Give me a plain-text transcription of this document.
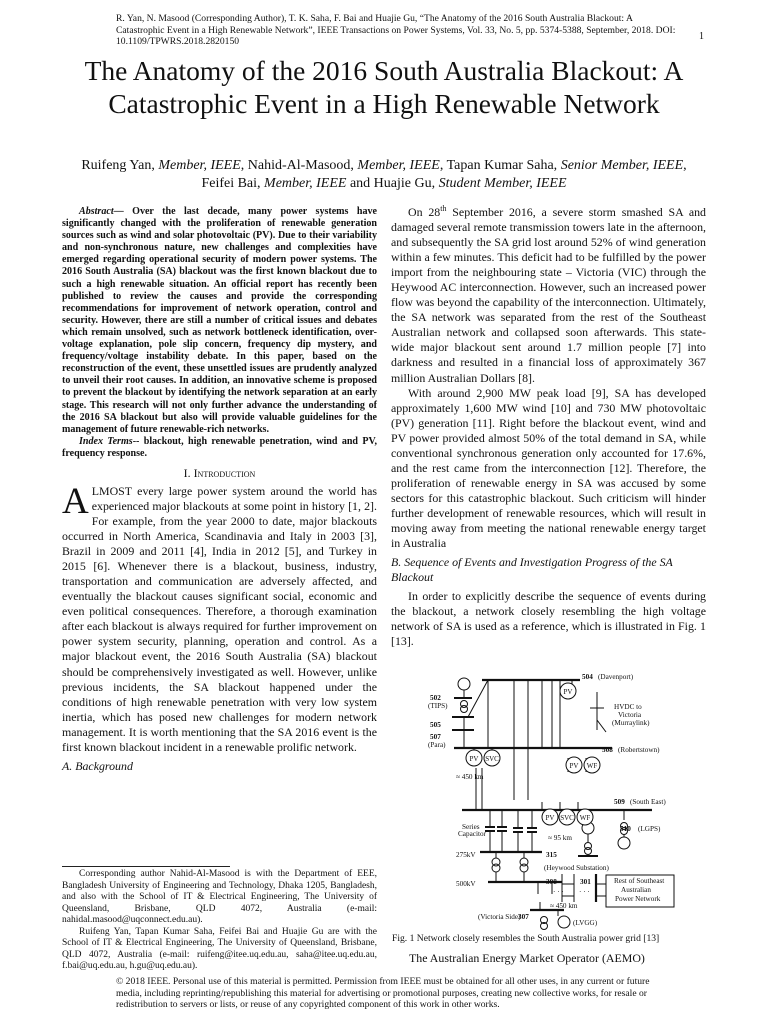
R. Yan, N. Masood (Corresponding Author), T. K. Saha, F. Bai and Huajie Gu, “The Anatomy of the 2016 South Australia Blackout: A Catastrophic Event in a High Renewable Network”, IEEE Transactions on Power Systems, Vol. 33, No. 5, pp. 5374-5388, September, 2018. DOI: 10.1109/TPWRS.2018.2820150	1
The Anatomy of the 2016 South Australia Blackout: A Catastrophic Event in a High Renewable Network

Ruifeng Yan, Member, IEEE, Nahid-Al-Masood, Member, IEEE, Tapan Kumar Saha, Senior Member, IEEE, Feifei Bai, Member, IEEE and Huajie Gu, Student Member, IEEE

Abstract— Over the last decade, many power systems have significantly changed with the proliferation of renewable generation sources such as wind and solar photovoltaic (PV). Due to their variability and non-synchronous nature, new challenges and complexities have emerged regarding operational security of modern power systems. The 2016 South Australia (SA) blackout was the first known blackout due to such a high renewable situation. An official report has recently been published to review the causes and provide the corresponding recommendations for improvement of network operation, control and security. However, there are still a number of critical issues and debates which remain unsolved, such as network bottleneck identification, over-voltage explanation, pole slip concern, frequency dip mystery, and frequency/voltage instability debate. In this paper, based on the reconstruction of the event, these unsettled issues are prudently analyzed to unveil their root causes. In addition, an innovative scheme is proposed to prevent the blackout by identifying the network separation at an early stage. This research will not only further advance the understanding of the 2016 SA blackout but also will provide valuable guidelines for the management of future renewable-rich networks.

Index Terms-- blackout, high renewable penetration, wind and PV, frequency response.

I. Introduction

ALMOST every large power system around the world has experienced major blackouts at some point in history [1, 2]. For example, from the year 2000 to date, major blackouts occurred in North America, Scandinavia and Italy in 2003 [3], Brazil in 2009 and 2011 [4], India in 2012 [5], and Turkey in 2015 [6]. Whenever there is a blackout, business, industry, transportation and communication are adversely affected, and eventually the blackout causes significant social, economic and even political consequences. Therefore, a thorough examination after each blackout is always required for further improvement on power system security, planning, operation and control. As a major blackout event, the 2016 South Australia (SA) blackout should be comprehensively investigated as well. However, unlike previous incidents, the SA blackout happened under the conditions of high renewable penetration with very low system inertia, which has posed new challenges for modern network management. It is worth mentioning that the SA 2016 event is the first known blackout incident in a renewable prolific network.

A. Background

Corresponding author Nahid-Al-Masood is with the Department of EEE, Bangladesh University of Engineering and Technology, Dhaka 1205, Bangladesh, and also with the School of IT & Electrical Engineering, The University of Queensland, Brisbane, QLD 4072, Australia (e-mail: nahidal.masood@uqconnect.edu.au).

Ruifeng Yan, Tapan Kumar Saha, Feifei Bai and Huajie Gu are with the School of IT & Electrical Engineering, The University of Queensland, Brisbane, QLD 4072, Australia (e-mail: ruifeng@itee.uq.edu.au, saha@itee.uq.edu.au, f.bai@uq.edu.au, h.gu@uq.edu.au).

On 28th September 2016, a severe storm smashed SA and damaged several remote transmission towers late in the afternoon, and subsequently the SA grid lost around 52% of wind generation within a few minutes. This deficit had to be fulfilled by the power import from the neighbouring state – Victoria (VIC) through the Heywood AC interconnection. However, such an increased power flow was beyond the capability of the interconnection. Ultimately, the SA network was separated from the rest of the Southeast Australian network and collapsed soon afterwards. This state-wide major blackout sent around 1.7 million people [7] into darkness and resulted in a financial loss of approximately 367 million Australian Dollars [8].

With around 2,900 MW peak load [9], SA has developed approximately 1,600 MW wind [10] and 730 MW photovoltaic (PV) generation [11]. Right before the blackout event, wind and PV power provided almost 50% of the total demand in SA, while conventional synchronous generation only accounted for 17.6%, and the rest came from the interconnection [12]. Therefore, the proliferation of renewable energy in SA was accused by some sectors for this catastrophic blackout. Such criticism will hinder further development of renewable resources, which will result in moving away from meeting the national renewable energy target in Australia

B. Sequence of Events and Investigation Progress of the SA Blackout

In order to explicitly describe the sequence of events during the blackout, a network closely resembling the high voltage network of SA is used as a reference, which is illustrated in Fig. 1 [13].

PV
PV SVC
PV WF
PV SVC WF
504 (Davenport)
502
(TIPS)
505
507
(Para)
HVDC to
Victoria
(Murraylink)
508 (Robertstown)
≈ 450 km
509 (South East)
Series
Capacitor	≈ 95 km
510 (LGPS)
275kV	315
(Heywood Substation)
500kV	308	301
· · · · · ·
Rest of Southeast
Australian
Power Network
≈ 450 km
(Victoria Side)
307
(LVGG)
Fig. 1 Network closely resembles the South Australia power grid [13]

The Australian Energy Market Operator (AEMO)

© 2018 IEEE. Personal use of this material is permitted. Permission from IEEE must be obtained for all other uses, in any current or future media, including reprinting/republishing this material for advertising or promotional purposes, creating new collective works, for resale or redistribution to servers or lists, or reuse of any copyrighted component of this work in other works.
